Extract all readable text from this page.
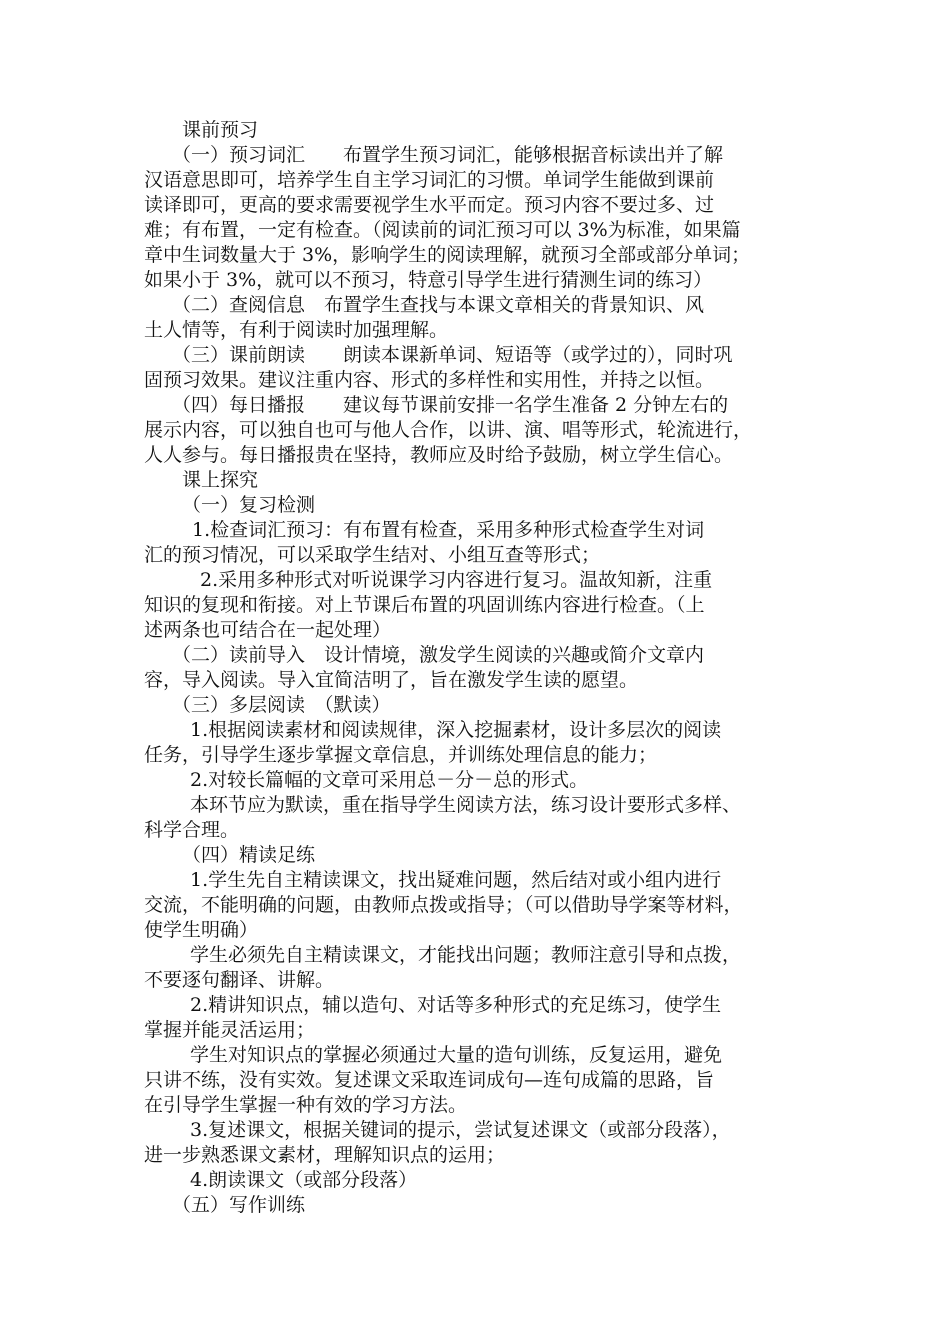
课前预习
（一）预习词汇　　布置学生预习词汇，能够根据音标读出并了解
汉语意思即可，培养学生自主学习词汇的习惯。单词学生能做到课前
读译即可，更高的要求需要视学生水平而定。预习内容不要过多、过
难；有布置，一定有检查。（阅读前的词汇预习可以 3%为标准，如果篇
章中生词数量大于 3%，影响学生的阅读理解，就预习全部或部分单词；
如果小于 3%，就可以不预习，特意引导学生进行猜测生词的练习）
（二）查阅信息　布置学生查找与本课文章相关的背景知识、风
土人情等，有利于阅读时加强理解。
（三）课前朗读　　朗读本课新单词、短语等（或学过的），同时巩
固预习效果。建议注重内容、形式的多样性和实用性，并持之以恒。
（四）每日播报　　建议每节课前安排一名学生准备 2 分钟左右的
展示内容，可以独自也可与他人合作，以讲、演、唱等形式，轮流进行，
人人参与。每日播报贵在坚持，教师应及时给予鼓励，树立学生信心。
课上探究
（一）复习检测
1.检查词汇预习：有布置有检查，采用多种形式检查学生对词
汇的预习情况，可以采取学生结对、小组互查等形式；
2.采用多种形式对听说课学习内容进行复习。温故知新，注重
知识的复现和衔接。对上节课后布置的巩固训练内容进行检查。（上
述两条也可结合在一起处理）
（二）读前导入　设计情境，激发学生阅读的兴趣或简介文章内
容，导入阅读。导入宜简洁明了，旨在激发学生读的愿望。
（三）多层阅读　（默读）
1.根据阅读素材和阅读规律，深入挖掘素材，设计多层次的阅读
任务，引导学生逐步掌握文章信息，并训练处理信息的能力；
2.对较长篇幅的文章可采用总－分－总的形式。
本环节应为默读，重在指导学生阅读方法，练习设计要形式多样、
科学合理。
（四）精读足练
1.学生先自主精读课文，找出疑难问题，然后结对或小组内进行
交流，不能明确的问题，由教师点拨或指导；（可以借助导学案等材料，
使学生明确）
学生必须先自主精读课文，才能找出问题；教师注意引导和点拨，
不要逐句翻译、讲解。
2.精讲知识点，辅以造句、对话等多种形式的充足练习，使学生
掌握并能灵活运用；
学生对知识点的掌握必须通过大量的造句训练，反复运用，避免
只讲不练，没有实效。复述课文采取连词成句—连句成篇的思路，旨
在引导学生掌握一种有效的学习方法。
3.复述课文，根据关键词的提示，尝试复述课文（或部分段落），
进一步熟悉课文素材，理解知识点的运用；
4.朗读课文（或部分段落）
（五）写作训练
